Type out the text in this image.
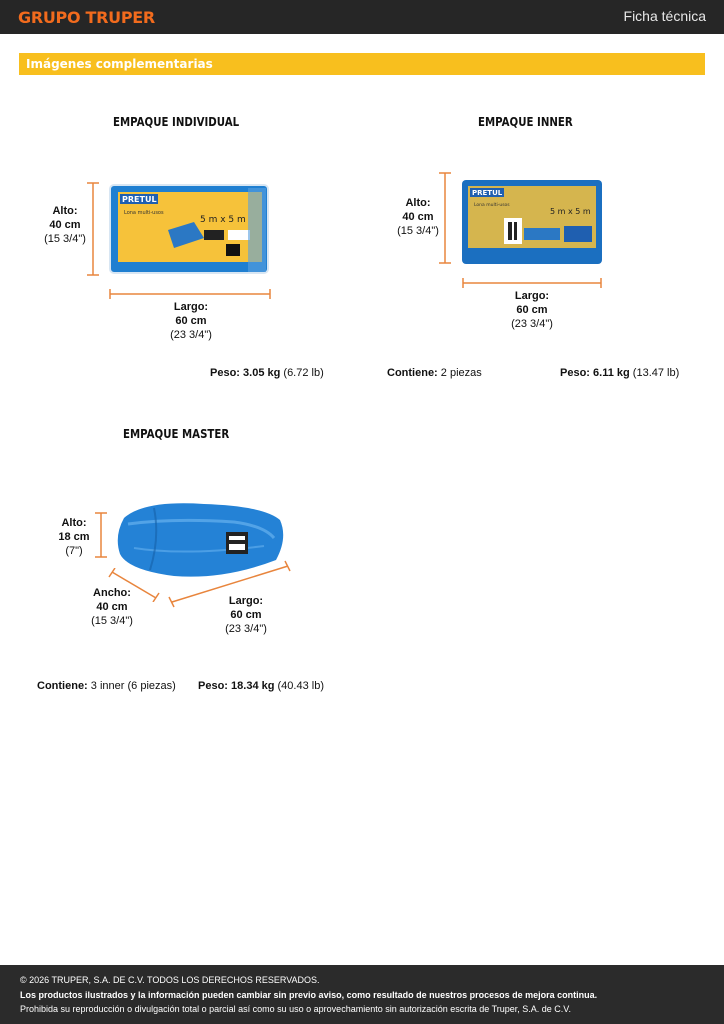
GRUPO TRUPER	Ficha técnica
Imágenes complementarias
EMPAQUE INDIVIDUAL
Alto:
40 cm
(15 3/4")
PRETUL
Lona multi-usos
5 m x 5 m
Largo:
60 cm
(23 3/4")
Peso: 3.05 kg (6.72 lb)
EMPAQUE INNER
Alto:
40 cm
(15 3/4")
PRETUL
Lona multi-usos
5 m x 5 m
Largo:
60 cm
(23 3/4")
Contiene: 2 piezas	Peso: 6.11 kg (13.47 lb)
EMPAQUE MASTER
Alto:
18 cm
(7")
Ancho:
40 cm
(15 3/4")
Largo:
60 cm
(23 3/4")
Contiene: 3 inner (6 piezas) Peso: 18.34 kg (40.43 lb)
© 2026 TRUPER, S.A. DE C.V. TODOS LOS DERECHOS RESERVADOS.
Los productos ilustrados y la información pueden cambiar sin previo aviso, como resultado de nuestros procesos de mejora continua.
Prohibida su reproducción o divulgación total o parcial así como su uso o aprovechamiento sin autorización escrita de Truper, S.A. de C.V.
